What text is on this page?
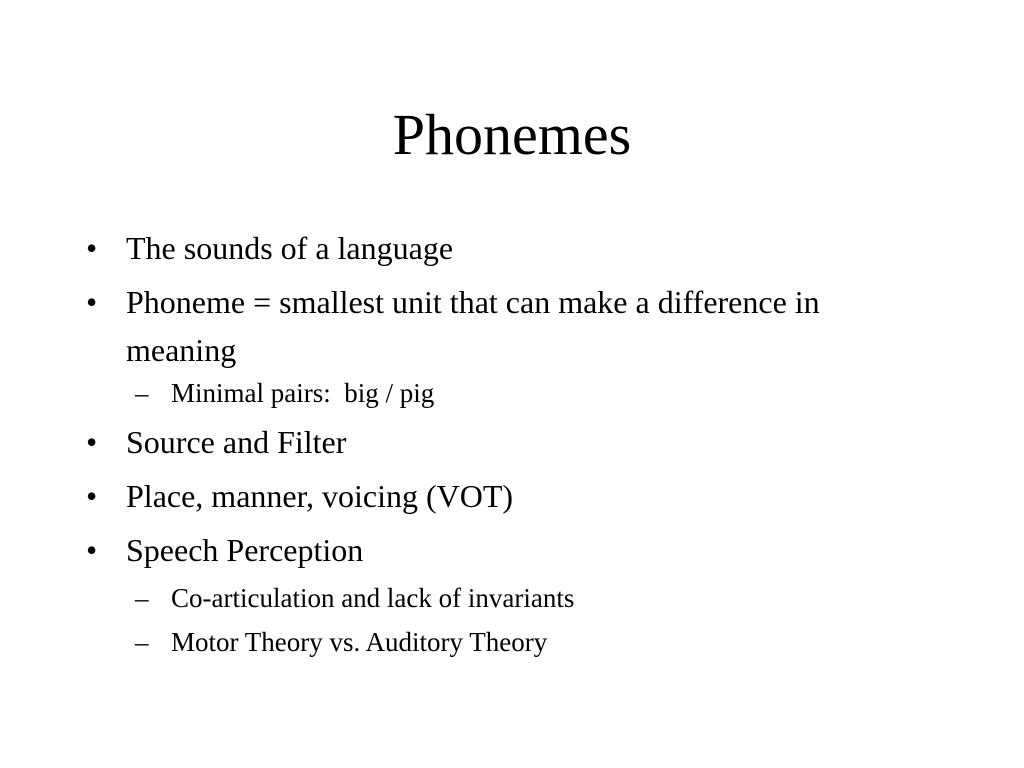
Phonemes
• The sounds of a language
• Phoneme = smallest unit that can make a difference in meaning
– Minimal pairs:  big / pig
• Source and Filter
• Place, manner, voicing (VOT)
• Speech Perception
– Co-articulation and lack of invariants
– Motor Theory vs. Auditory Theory
